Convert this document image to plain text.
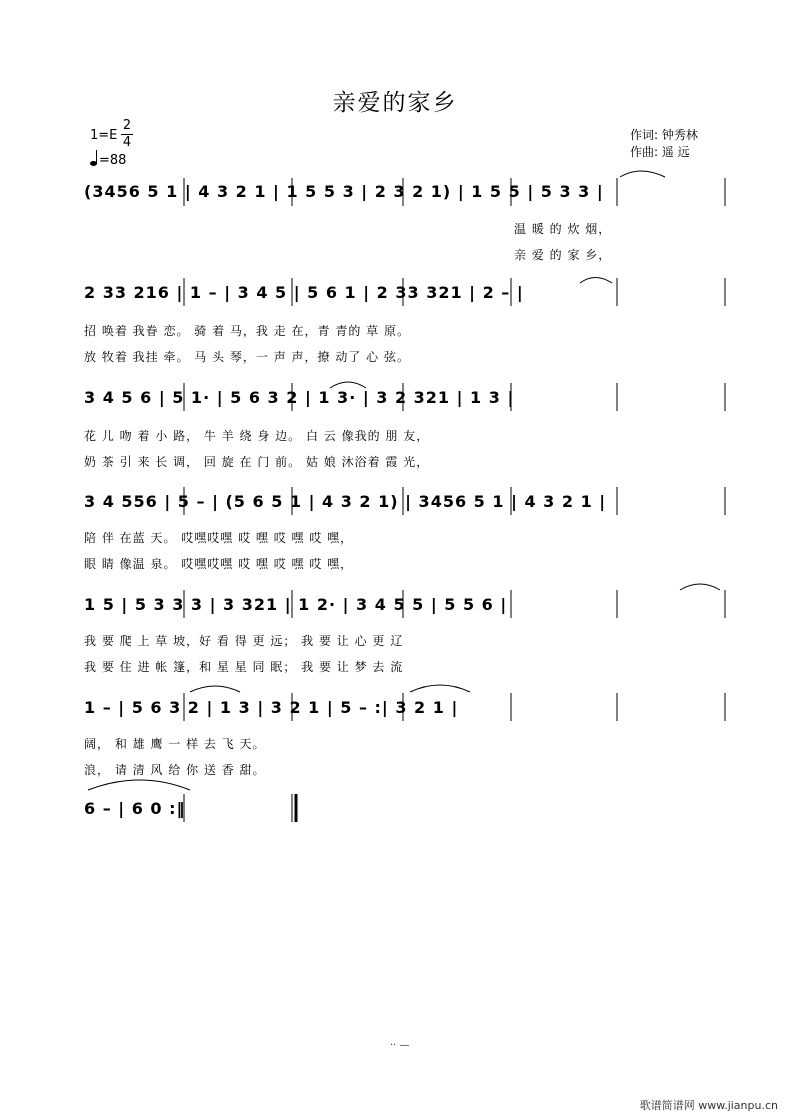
亲爱的家乡
1=E
2
4
=88
作词: 钟秀林
作曲: 遥 远
(3456 5 1 | 4 3 2 1 | 1 5 5 3 | 2 3 2 1) | 1 5 5 | 5 3 3 |
温 暖 的 炊 烟，
亲 爱 的 家 乡，
2 33 216 | 1 – | 3 4 5 | 5 6 1 | 2 33 321 | 2 – |
招 唤着 我眷 恋。 骑 着 马，我 走 在，青 青的 草 原。
放 牧着 我挂 牵。 马 头 琴，一 声 声，撩 动了 心 弦。
3 4 5 6 | 5 1· | 5 6 3 2 | 1 3· | 3 2 321 | 1 3 |
花 儿 吻 着 小 路， 牛 羊 绕 身 边。 白 云 像我的 朋 友，
奶 茶 引 来 长 调， 回 旋 在 门 前。 姑 娘 沐浴着 霞 光，
3 4 556 | 5 – | (5 6 5 1 | 4 3 2 1) | 3456 5 1 | 4 3 2 1 |
陪 伴 在蓝 天。 哎嘿哎嘿 哎 嘿 哎 嘿 哎 嘿，
眼 睛 像温 泉。 哎嘿哎嘿 哎 嘿 哎 嘿 哎 嘿，
1 5 | 5 3 3 3 | 3 321 | 1 2· | 3 4 5 5 | 5 5 6 |
我 要 爬 上 草 坡，好 看 得 更 远； 我 要 让 心 更 辽
我 要 住 进 帐 篷，和 星 星 同 眠； 我 要 让 梦 去 流
1 – | 5 6 3 2 | 1 3 | 3 2 1 | 5 – :| 3 2 1 |
阔， 和 雄 鹰 一 样 去 飞 天。
浪， 请 清 风 给 你 送 香 甜。
6 – | 6 0 :‖
·· —
歌谱简谱网 www.jianpu.cn
